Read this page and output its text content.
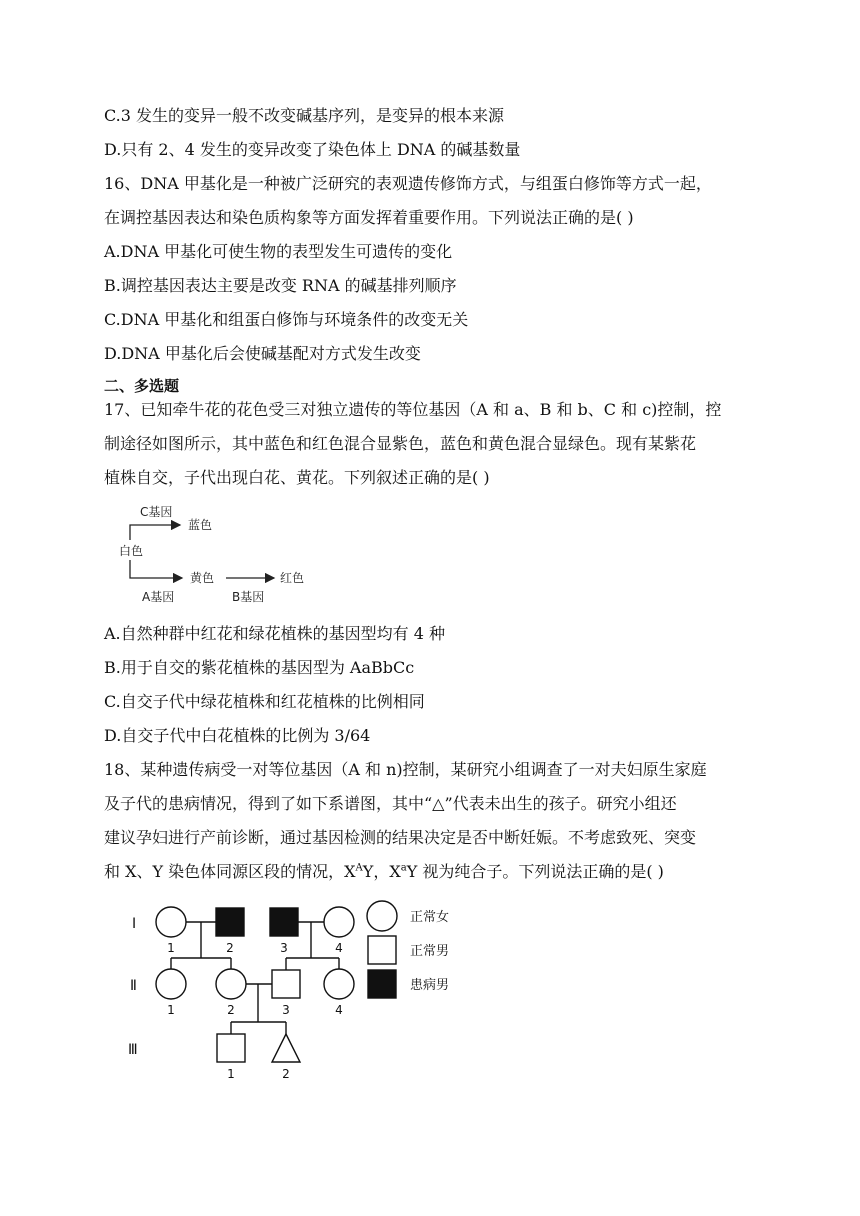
C.3 发生的变异一般不改变碱基序列，是变异的根本来源
D.只有 2、4 发生的变异改变了染色体上 DNA 的碱基数量
16、DNA 甲基化是一种被广泛研究的表观遗传修饰方式，与组蛋白修饰等方式一起，
在调控基因表达和染色质构象等方面发挥着重要作用。下列说法正确的是( )
A.DNA 甲基化可使生物的表型发生可遗传的变化
B.调控基因表达主要是改变 RNA 的碱基排列顺序
C.DNA 甲基化和组蛋白修饰与环境条件的改变无关
D.DNA 甲基化后会使碱基配对方式发生改变
二、多选题
17、已知牵牛花的花色受三对独立遗传的等位基因（A 和 a、B 和 b、C 和 c)控制，控
制途径如图所示，其中蓝色和红色混合显紫色，蓝色和黄色混合显绿色。现有某紫花
植株自交，子代出现白花、黄花。下列叙述正确的是( )
C基因
蓝色
白色
黄色	红色
A基因	B基因
A.自然种群中红花和绿花植株的基因型均有 4 种
B.用于自交的紫花植株的基因型为 AaBbCc
C.自交子代中绿花植株和红花植株的比例相同
D.自交子代中白花植株的比例为 3/64
18、某种遗传病受一对等位基因（A 和 n)控制，某研究小组调查了一对夫妇原生家庭
及子代的患病情况，得到了如下系谱图，其中“△”代表未出生的孩子。研究小组还
建议孕妇进行产前诊断，通过基因检测的结果决定是否中断妊娠。不考虑致死、突变
和 X、Y 染色体同源区段的情况，$X^AY$，$X^aY$ 视为纯合子。下列说法正确的是( )
Ⅰ
Ⅱ
Ⅲ
1	2	3	4
1	2	3	4
1	2
正常女
正常男
患病男
